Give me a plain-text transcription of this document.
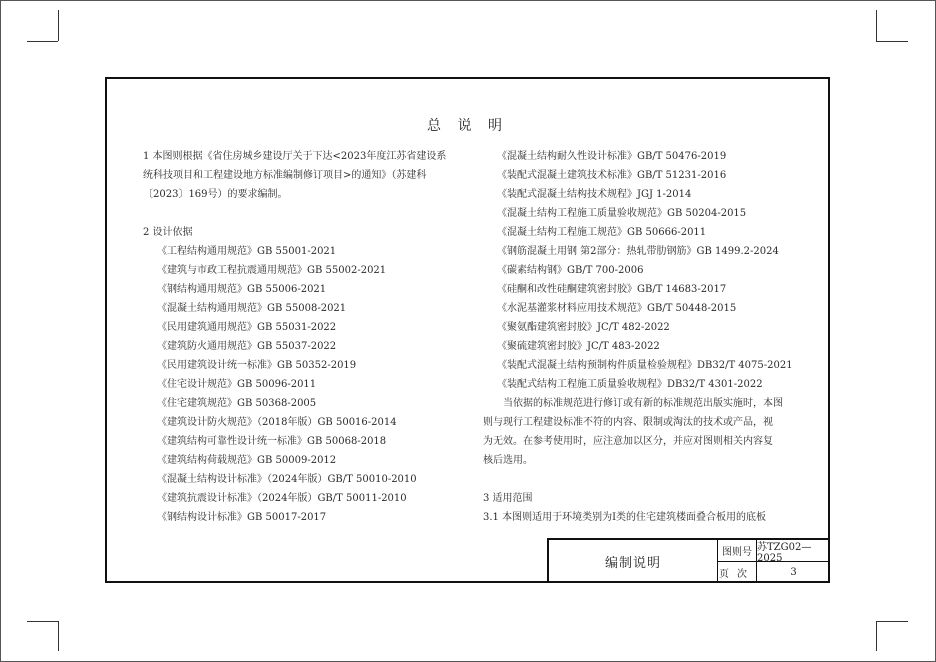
总 说 明

1 本图则根据《省住房城乡建设厅关于下达<2023年度江苏省建设系

统科技项目和工程建设地方标准编制修订项目>的通知》（苏建科

〔2023〕169号）的要求编制。

2 设计依据

《工程结构通用规范》GB 55001-2021

《建筑与市政工程抗震通用规范》GB 55002-2021

《钢结构通用规范》GB 55006-2021

《混凝土结构通用规范》GB 55008-2021

《民用建筑通用规范》GB 55031-2022

《建筑防火通用规范》GB 55037-2022

《民用建筑设计统一标准》GB 50352-2019

《住宅设计规范》GB 50096-2011

《住宅建筑规范》GB 50368-2005

《建筑设计防火规范》（2018年版）GB 50016-2014

《建筑结构可靠性设计统一标准》GB 50068-2018

《建筑结构荷载规范》GB 50009-2012

《混凝土结构设计标准》（2024年版）GB/T 50010-2010

《建筑抗震设计标准》（2024年版）GB/T 50011-2010

《钢结构设计标准》GB 50017-2017

《混凝土结构耐久性设计标准》GB/T 50476-2019

《装配式混凝土建筑技术标准》GB/T 51231-2016

《装配式混凝土结构技术规程》JGJ 1-2014

《混凝土结构工程施工质量验收规范》GB 50204-2015

《混凝土结构工程施工规范》GB 50666-2011

《钢筋混凝土用钢 第2部分：热轧带肋钢筋》GB 1499.2-2024

《碳素结构钢》GB/T 700-2006

《硅酮和改性硅酮建筑密封胶》GB/T 14683-2017

《水泥基灌浆材料应用技术规范》GB/T 50448-2015

《聚氨酯建筑密封胶》JC/T 482-2022

《聚硫建筑密封胶》JC/T 483-2022

《装配式混凝土结构预制构件质量检验规程》DB32/T 4075-2021

《装配式结构工程施工质量验收规程》DB32/T 4301-2022

当依据的标准规范进行修订或有新的标准规范出版实施时，本图

则与现行工程建设标准不符的内容、限制或淘汰的技术或产品，视

为无效。在参考使用时，应注意加以区分，并应对图则相关内容复

核后选用。

3 适用范围

3.1 本图则适用于环境类别为Ⅰ类的住宅建筑楼面叠合板用的底板

编制说明
图则号 苏TZG02—2025
页次	3
